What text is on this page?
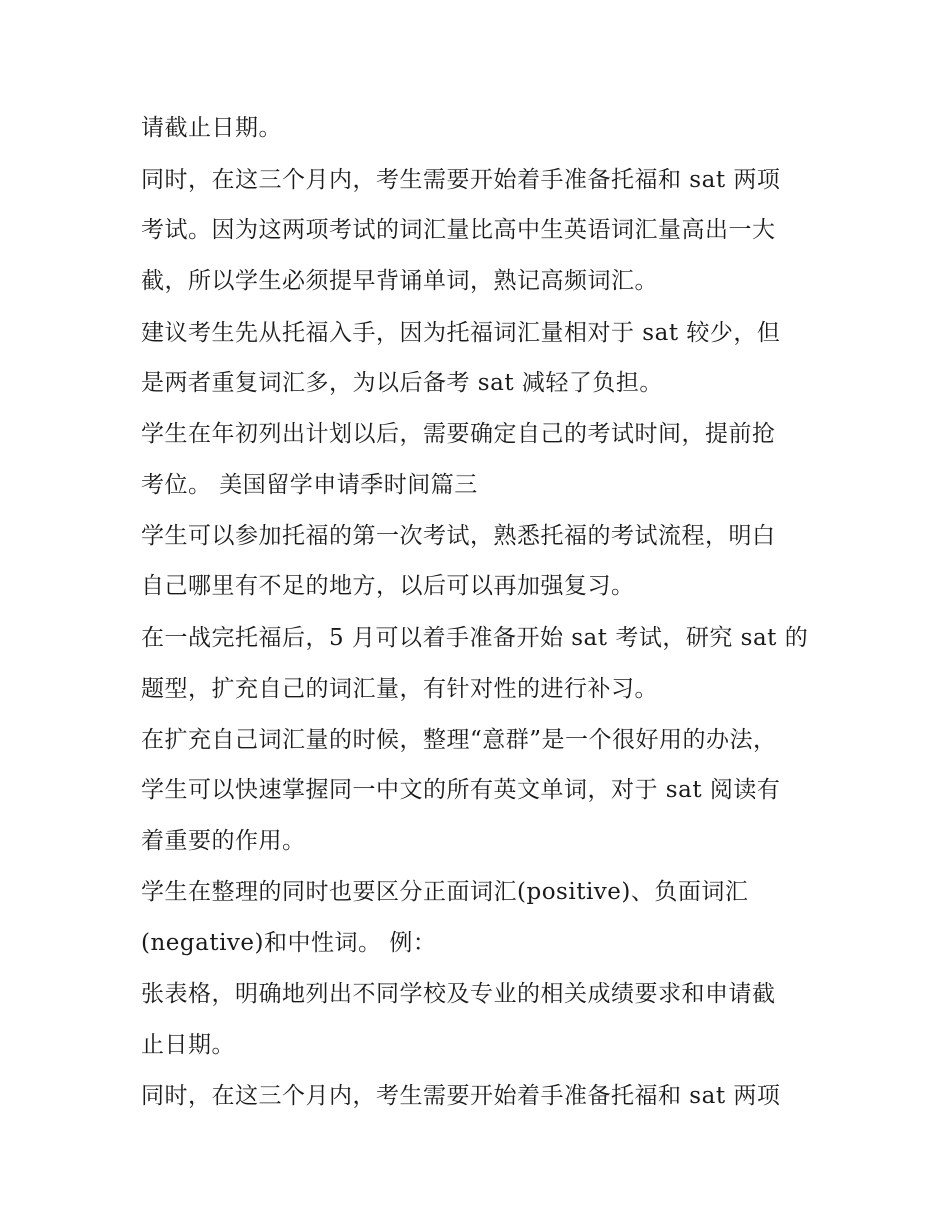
请截止日期。
同时，在这三个月内，考生需要开始着手准备托福和 sat 两项
考试。因为这两项考试的词汇量比高中生英语词汇量高出一大
截，所以学生必须提早背诵单词，熟记高频词汇。
建议考生先从托福入手，因为托福词汇量相对于 sat 较少，但
是两者重复词汇多，为以后备考 sat 减轻了负担。
学生在年初列出计划以后，需要确定自己的考试时间，提前抢
考位。 美国留学申请季时间篇三
学生可以参加托福的第一次考试，熟悉托福的考试流程，明白
自己哪里有不足的地方，以后可以再加强复习。
在一战完托福后，5 月可以着手准备开始 sat 考试，研究 sat 的
题型，扩充自己的词汇量，有针对性的进行补习。
在扩充自己词汇量的时候，整理“意群”是一个很好用的办法，
学生可以快速掌握同一中文的所有英文单词，对于 sat 阅读有
着重要的作用。
学生在整理的同时也要区分正面词汇(positive)、负面词汇
(negative)和中性词。 例：
张表格，明确地列出不同学校及专业的相关成绩要求和申请截
止日期。
同时，在这三个月内，考生需要开始着手准备托福和 sat 两项
